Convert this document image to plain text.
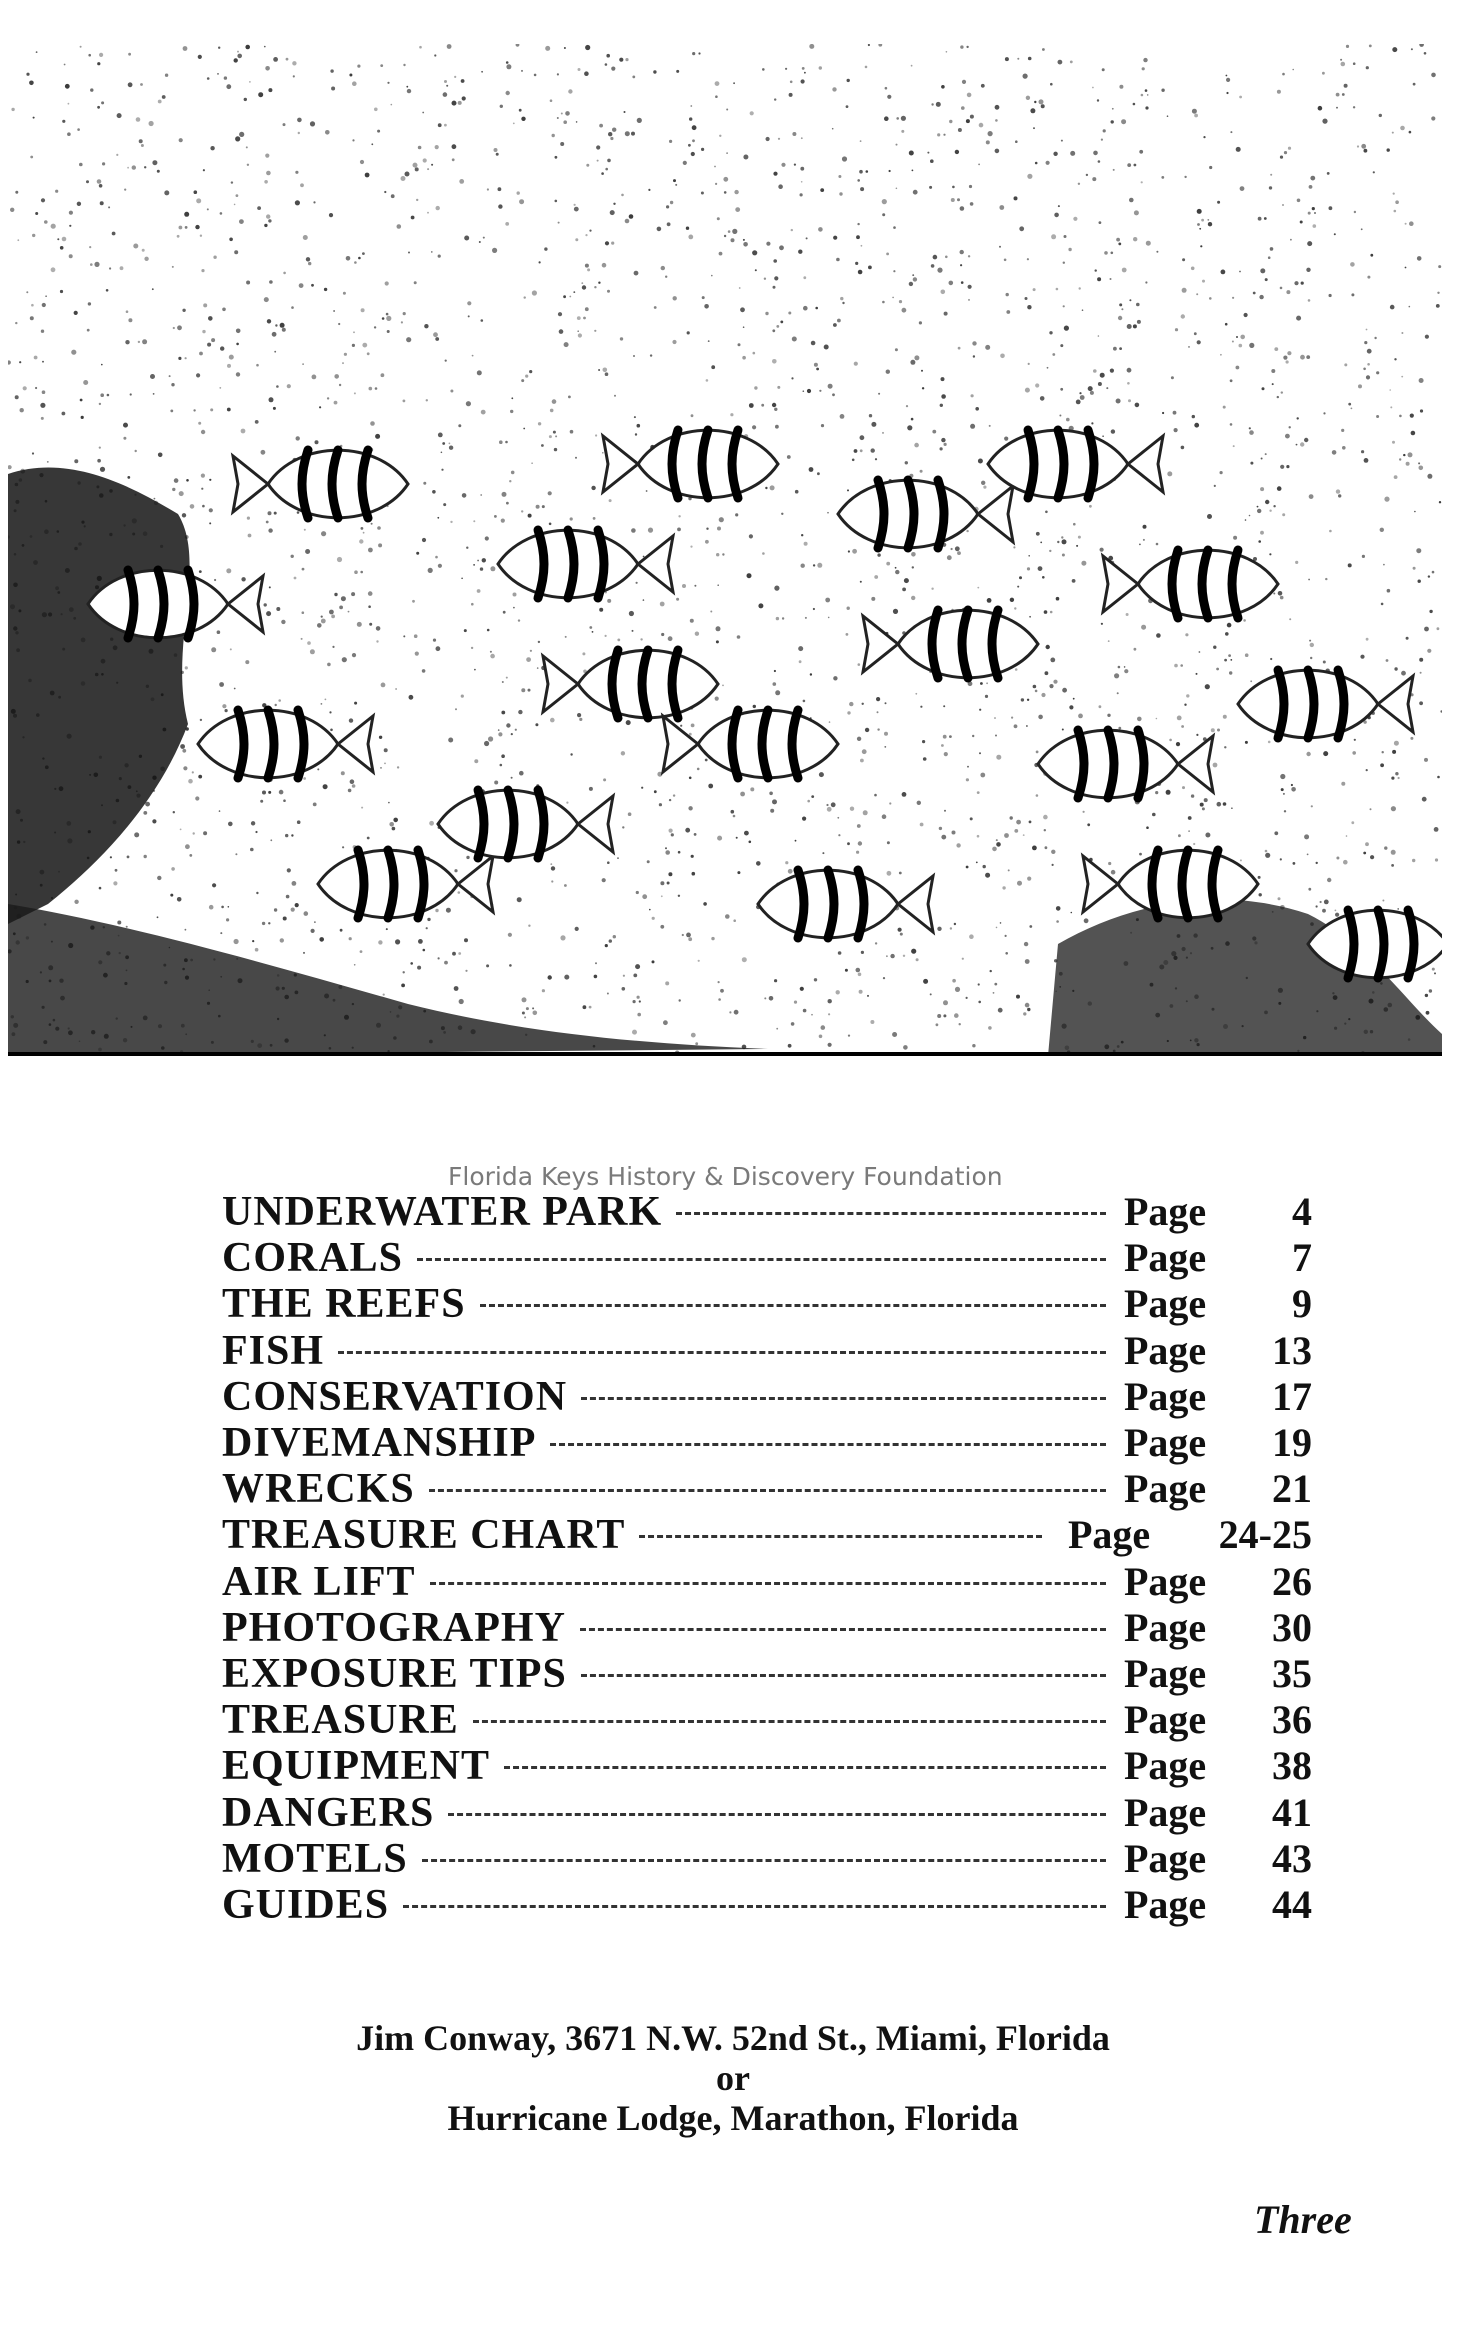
Florida Keys History & Discovery Foundation
UNDERWATER PARK	Page	4
CORALS	Page	7
THE REEFS	Page	9
FISH	Page	13
CONSERVATION	Page	17
DIVEMANSHIP	Page	19
WRECKS	Page	21
TREASURE CHART	Page	24-25
AIR LIFT	Page	26
PHOTOGRAPHY	Page	30
EXPOSURE TIPS	Page	35
TREASURE	Page	36
EQUIPMENT	Page	38
DANGERS	Page	41
MOTELS	Page	43
GUIDES	Page	44
Jim Conway, 3671 N.W. 52nd St., Miami, Florida
or
Hurricane Lodge, Marathon, Florida
Three
